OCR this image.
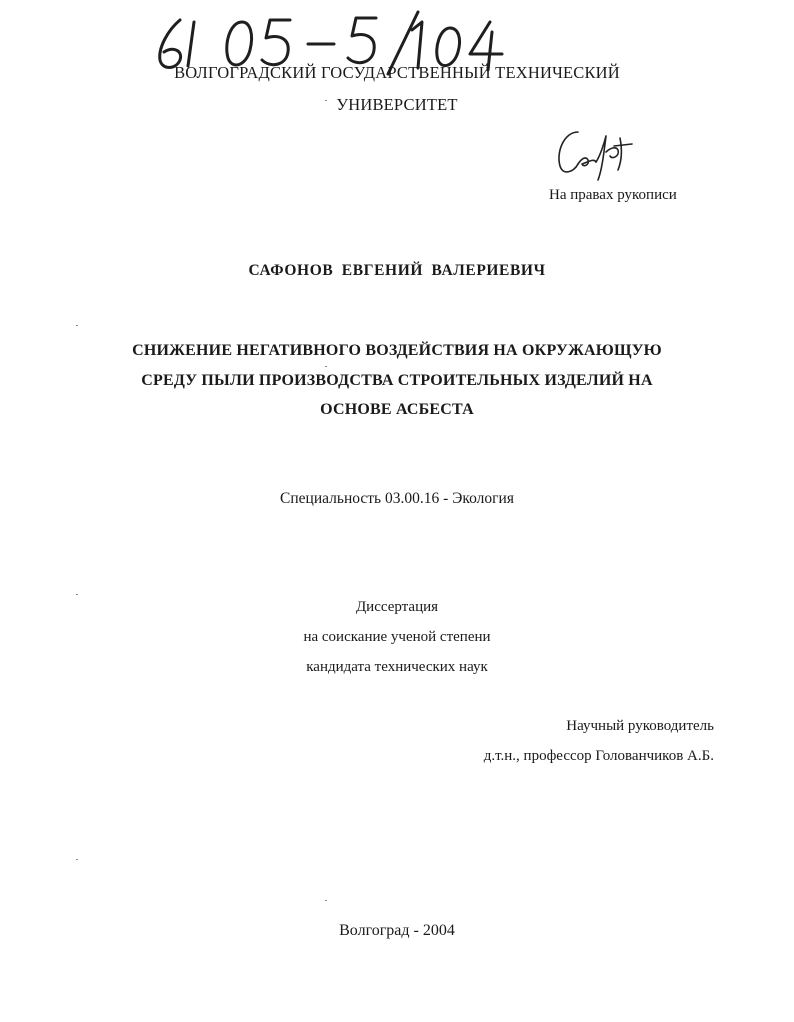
ВОЛГОГРАДСКИЙ ГОСУДАРСТВЕННЫЙ ТЕХНИЧЕСКИЙ
УНИВЕРСИТЕТ
На правах рукописи
САФОНОВ ЕВГЕНИЙ ВАЛЕРИЕВИЧ
СНИЖЕНИЕ НЕГАТИВНОГО ВОЗДЕЙСТВИЯ НА ОКРУЖАЮЩУЮ
СРЕДУ ПЫЛИ ПРОИЗВОДСТВА СТРОИТЕЛЬНЫХ ИЗДЕЛИЙ НА
ОСНОВЕ АСБЕСТА
Специальность 03.00.16 - Экология
Диссертация
на соискание ученой степени
кандидата технических наук
Научный руководитель
д.т.н., профессор Голованчиков А.Б.
Волгоград - 2004
